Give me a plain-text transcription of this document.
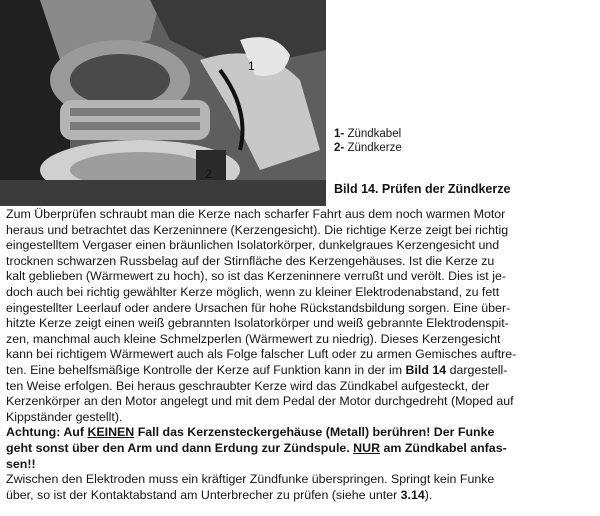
1
2
1- Zündkabel
2- Zündkerze
Bild 14. Prüfen der Zündkerze
Zum Überprüfen schraubt man die Kerze nach scharfer Fahrt aus dem noch warmen Motor
heraus und betrachtet das Kerzeninnere (Kerzengesicht). Die richtige Kerze zeigt bei richtig
eingestelltem Vergaser einen bräunlichen Isolatorkörper, dunkelgraues Kerzengesicht und
trocknen schwarzen Russbelag auf der Stirnfläche des Kerzengehäuses. Ist die Kerze zu
kalt geblieben (Wärmewert zu hoch), so ist das Kerzeninnere verrußt und verölt. Dies ist je-
doch auch bei richtig gewählter Kerze möglich, wenn zu kleiner Elektrodenabstand, zu fett
eingestellter Leerlauf oder andere Ursachen für hohe Rückstandsbildung sorgen. Eine über-
hitzte Kerze zeigt einen weiß gebrannten Isolatorkörper und weiß gebrannte Elektrodenspit-
zen, manchmal auch kleine Schmelzperlen (Wärmewert zu niedrig). Dieses Kerzengesicht
kann bei richtigem Wärmewert auch als Folge falscher Luft oder zu armen Gemisches auftre-
ten. Eine behelfsmäßige Kontrolle der Kerze auf Funktion kann in der im Bild 14 dargestell-
ten Weise erfolgen. Bei heraus geschraubter Kerze wird das Zündkabel aufgesteckt, der
Kerzenkörper an den Motor angelegt und mit dem Pedal der Motor durchgedreht (Moped auf
Kippständer gestellt).
Achtung: Auf KEINEN Fall das Kerzensteckergehäuse (Metall) berühren! Der Funke
geht sonst über den Arm und dann Erdung zur Zündspule. NUR am Zündkabel anfas-
sen!!
Zwischen den Elektroden muss ein kräftiger Zündfunke überspringen. Springt kein Funke
über, so ist der Kontaktabstand am Unterbrecher zu prüfen (siehe unter 3.14).
